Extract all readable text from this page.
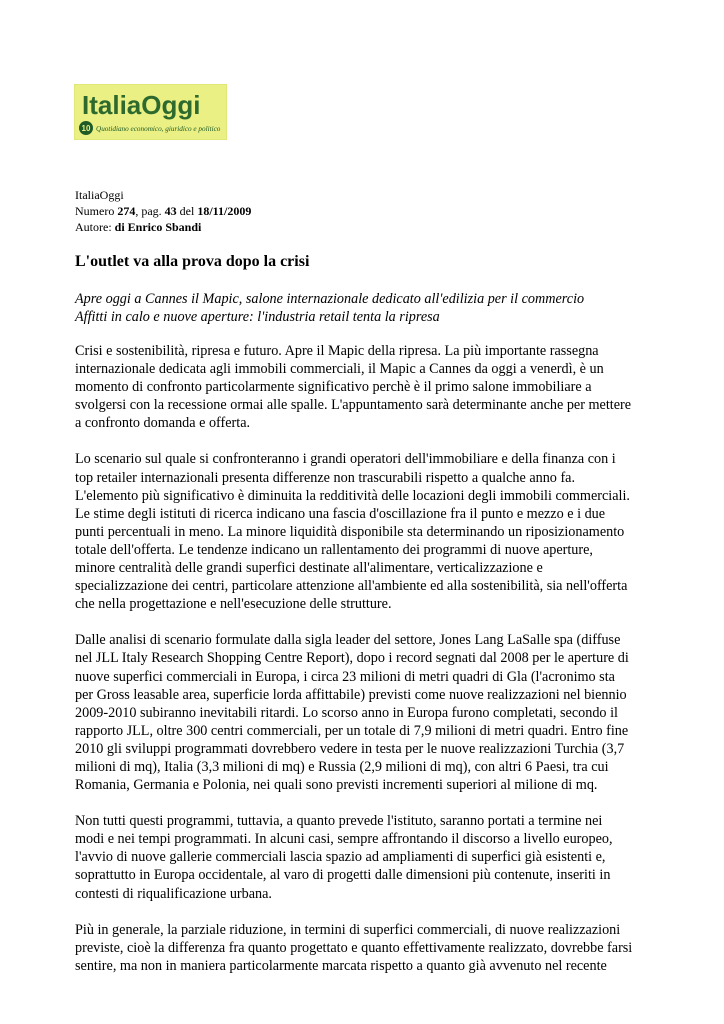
ItaliaOggi
10 Quotidiano economico, giuridico e politico
ItaliaOggi
Numero 274, pag. 43 del 18/11/2009
Autore: di Enrico Sbandi
L'outlet va alla prova dopo la crisi
Apre oggi a Cannes il Mapic, salone internazionale dedicato all'edilizia per il commercio
Affitti in calo e nuove aperture: l'industria retail tenta la ripresa

Crisi e sostenibilità, ripresa e futuro. Apre il Mapic della ripresa. La più importante rassegna
internazionale dedicata agli immobili commerciali, il Mapic a Cannes da oggi a venerdì, è un
momento di confronto particolarmente significativo perchè è il primo salone immobiliare a
svolgersi con la recessione ormai alle spalle. L'appuntamento sarà determinante anche per mettere
a confronto domanda e offerta.

Lo scenario sul quale si confronteranno i grandi operatori dell'immobiliare e della finanza con i
top retailer internazionali presenta differenze non trascurabili rispetto a qualche anno fa.
L'elemento più significativo è diminuita la redditività delle locazioni degli immobili commerciali.
Le stime degli istituti di ricerca indicano una fascia d'oscillazione fra il punto e mezzo e i due
punti percentuali in meno. La minore liquidità disponibile sta determinando un riposizionamento
totale dell'offerta. Le tendenze indicano un rallentamento dei programmi di nuove aperture,
minore centralità delle grandi superfici destinate all'alimentare, verticalizzazione e
specializzazione dei centri, particolare attenzione all'ambiente ed alla sostenibilità, sia nell'offerta
che nella progettazione e nell'esecuzione delle strutture.

Dalle analisi di scenario formulate dalla sigla leader del settore, Jones Lang LaSalle spa (diffuse
nel JLL Italy Research Shopping Centre Report), dopo i record segnati dal 2008 per le aperture di
nuove superfici commerciali in Europa, i circa 23 milioni di metri quadri di Gla (l'acronimo sta
per Gross leasable area, superficie lorda affittabile) previsti come nuove realizzazioni nel biennio
2009-2010 subiranno inevitabili ritardi. Lo scorso anno in Europa furono completati, secondo il
rapporto JLL, oltre 300 centri commerciali, per un totale di 7,9 milioni di metri quadri. Entro fine
2010 gli sviluppi programmati dovrebbero vedere in testa per le nuove realizzazioni Turchia (3,7
milioni di mq), Italia (3,3 milioni di mq) e Russia (2,9 milioni di mq), con altri 6 Paesi, tra cui
Romania, Germania e Polonia, nei quali sono previsti incrementi superiori al milione di mq.

Non tutti questi programmi, tuttavia, a quanto prevede l'istituto, saranno portati a termine nei
modi e nei tempi programmati. In alcuni casi, sempre affrontando il discorso a livello europeo,
l'avvio di nuove gallerie commerciali lascia spazio ad ampliamenti di superfici già esistenti e,
soprattutto in Europa occidentale, al varo di progetti dalle dimensioni più contenute, inseriti in
contesti di riqualificazione urbana.

Più in generale, la parziale riduzione, in termini di superfici commerciali, di nuove realizzazioni
previste, cioè la differenza fra quanto progettato e quanto effettivamente realizzato, dovrebbe farsi
sentire, ma non in maniera particolarmente marcata rispetto a quanto già avvenuto nel recente
